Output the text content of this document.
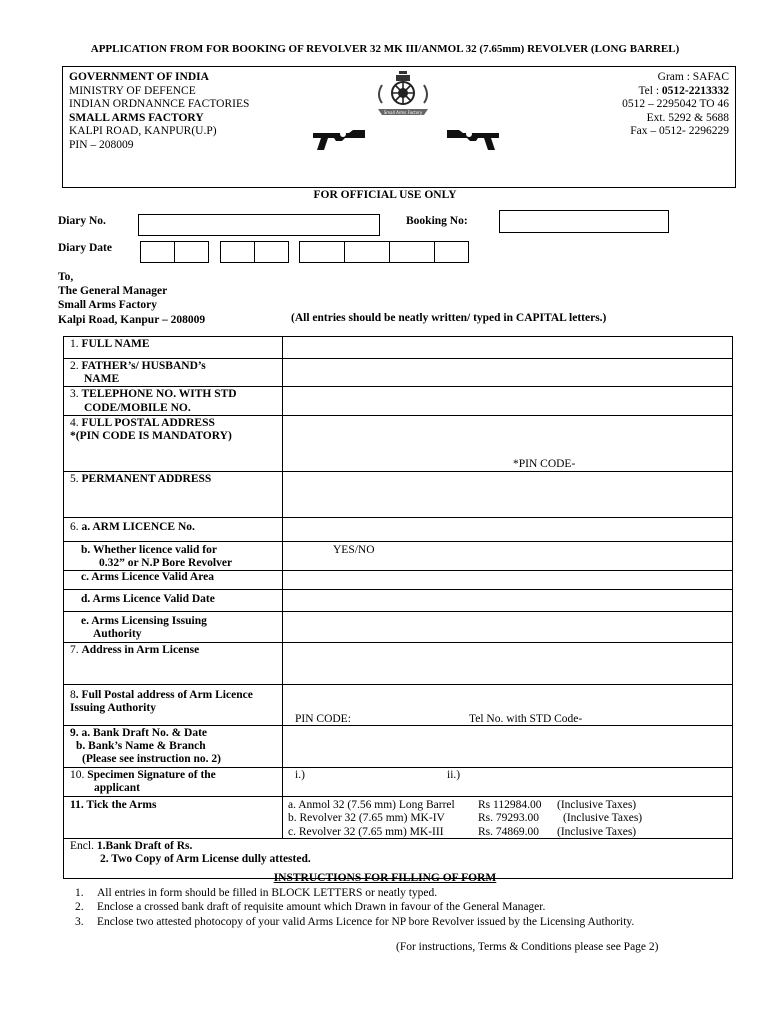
APPLICATION FROM FOR BOOKING OF REVOLVER 32 MK III/ANMOL 32 (7.65mm) REVOLVER (LONG BARREL)
GOVERNMENT OF INDIA
MINISTRY OF DEFENCE
INDIAN ORDNANNCE FACTORIES
SMALL ARMS FACTORY
KALPI ROAD, KANPUR(U.P)
PIN – 208009
Small Arms Factory
Gram : SAFAC
Tel : 0512-2213332
0512 – 2295042 TO 46
Ext. 5292 & 5688
Fax – 0512- 2296229
FOR OFFICIAL USE ONLY
Diary No.	Booking No:
Diary Date
To,
The General Manager
Small Arms Factory
Kalpi Road, Kanpur – 208009	(All entries should be neatly written/ typed in CAPITAL letters.)
1. FULL NAME	

2. FATHER’s/ HUSBAND’s
NAME	

3. TELEPHONE NO. WITH STD
CODE/MOBILE NO.	

4. FULL POSTAL ADDRESS
*(PIN CODE IS MANDATORY)	*PIN CODE-

5. PERMANENT ADDRESS	

6. a. ARM LICENCE No.	

b. Whether licence valid for
0.32” or N.P Bore Revolver	YES/NO

c. Arms Licence Valid Area	

d. Arms Licence Valid Date	

e. Arms Licensing Issuing
Authority	

7. Address in Arm License	

8. Full Postal address of Arm Licence
Issuing Authority	PIN CODE: Tel No. with STD Code-

9. a. Bank Draft No. & Date
b. Bank’s Name & Branch
(Please see instruction no. 2)	

10. Specimen Signature of the
applicant	i.) ii.)

11. Tick the Arms	a. Anmol 32 (7.56 mm) Long Barrel Rs 112984.00 (Inclusive Taxes)
b. Revolver 32 (7.65 mm) MK-IV Rs. 79293.00 (Inclusive Taxes)
c. Revolver 32 (7.65 mm) MK-III Rs. 74869.00 (Inclusive Taxes)

Encl. 1.Bank Draft of Rs.
2. Two Copy of Arm License dully attested.	
INSTRUCTIONS FOR FILLING OF FORM
1. All entries in form should be filled in BLOCK LETTERS or neatly typed.
2. Enclose a crossed bank draft of requisite amount which Drawn in favour of the General Manager.
3. Enclose two attested photocopy of your valid Arms Licence for NP bore Revolver issued by the Licensing Authority.
(For instructions, Terms & Conditions please see Page 2)
